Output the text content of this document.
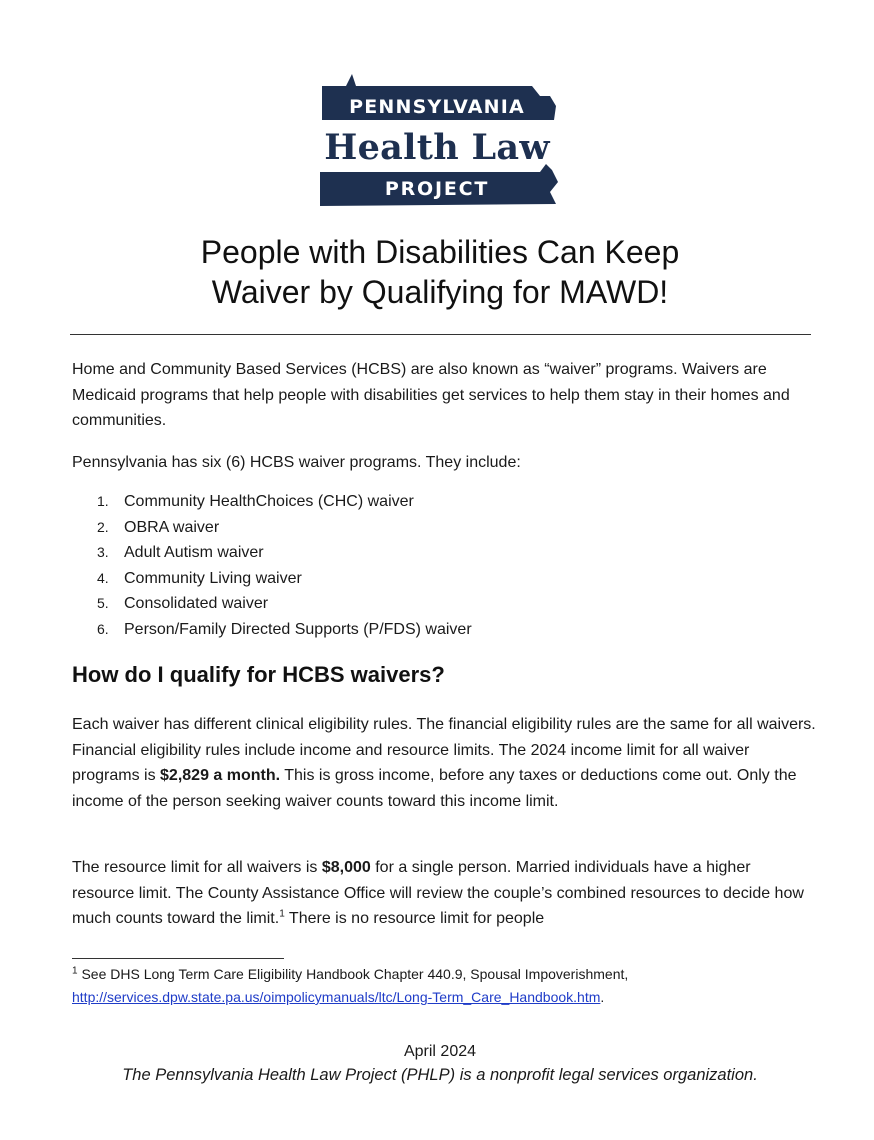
PENNSYLVANIA
Health Law
PROJECT
People with Disabilities Can Keep
Waiver by Qualifying for MAWD!

Home and Community Based Services (HCBS) are also known as “waiver” programs. Waivers are Medicaid programs that help people with disabilities get services to help them stay in their homes and communities.

Pennsylvania has six (6) HCBS waiver programs. They include:

1. Community HealthChoices (CHC) waiver
2. OBRA waiver
3. Adult Autism waiver
4. Community Living waiver
5. Consolidated waiver
6. Person/Family Directed Supports (P/FDS) waiver
How do I qualify for HCBS waivers?

Each waiver has different clinical eligibility rules. The financial eligibility rules are the same for all waivers. Financial eligibility rules include income and resource limits. The 2024 income limit for all waiver programs is $2,829 a month. This is gross income, before any taxes or deductions come out. Only the income of the person seeking waiver counts toward this income limit.

The resource limit for all waivers is $8,000 for a single person. Married individuals have a higher resource limit. The County Assistance Office will review the couple’s combined resources to decide how much counts toward the limit.$^1$ There is no resource limit for people

$^1$ See DHS Long Term Care Eligibility Handbook Chapter 440.9, Spousal Impoverishment,
http://services.dpw.state.pa.us/oimpolicymanuals/ltc/Long-Term_Care_Handbook.htm.

April 2024

The Pennsylvania Health Law Project (PHLP) is a nonprofit legal services organization.
